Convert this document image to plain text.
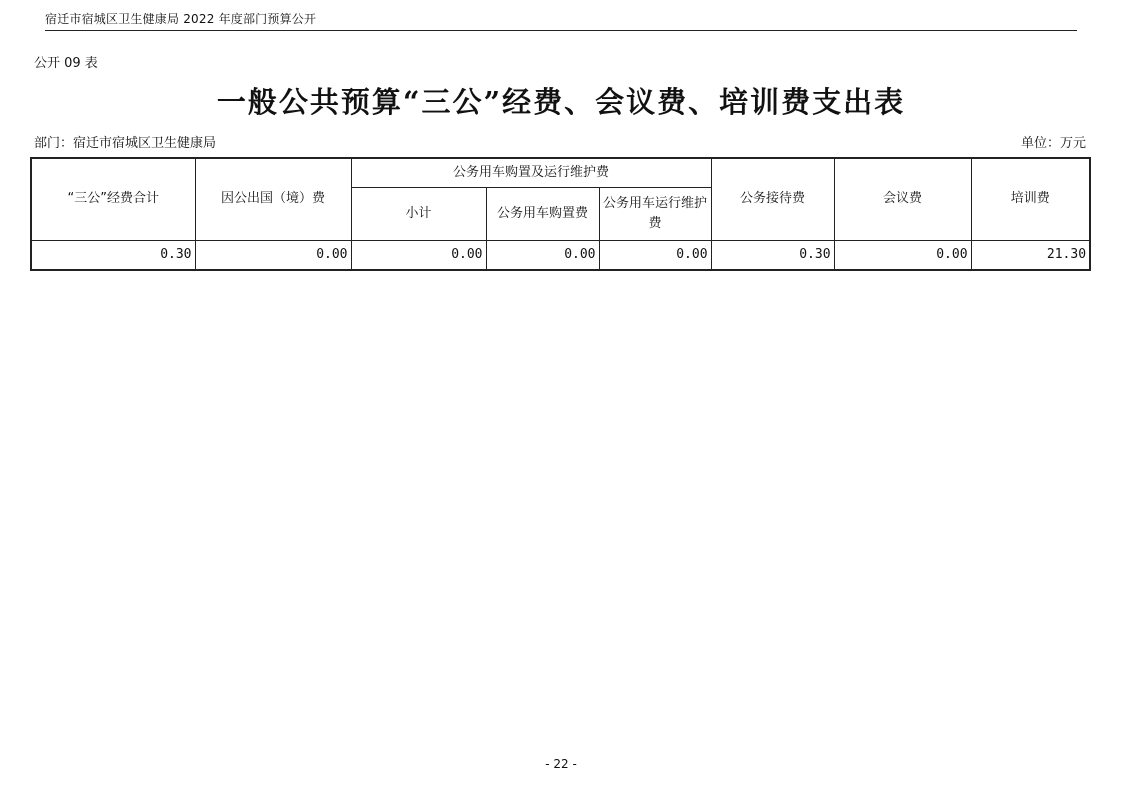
宿迁市宿城区卫生健康局 2022 年度部门预算公开
公开 09 表
一般公共预算“三公”经费、会议费、培训费支出表
部门：宿迁市宿城区卫生健康局	单位：万元
“三公”经费合计	因公出国（境）费	公务用车购置及运行维护费			公务接待费	会议费	培训费
		小计	公务用车购置费	公务用车运行维护费			
0.30	0.00	0.00	0.00	0.00	0.30	0.00	21.30
- 22 -
